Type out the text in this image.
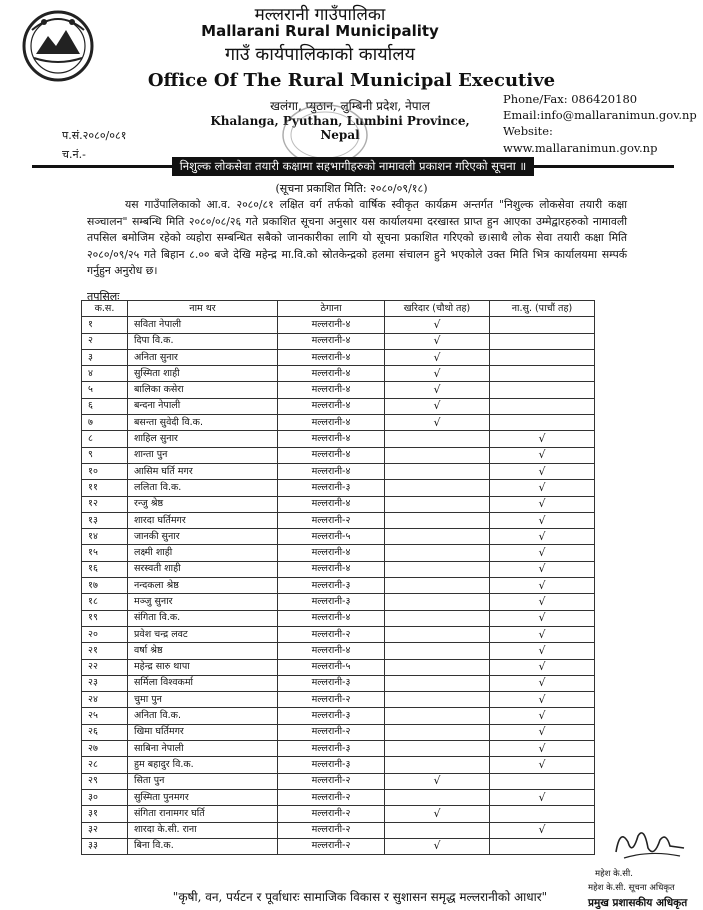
मल्लरानी गाउँपालिका
Mallarani Rural Municipality
गाउँ कार्यपालिकाको कार्यालय
Office Of The Rural Municipal Executive
खलंगा, प्युठान, लुम्बिनी प्रदेश, नेपाल
Khalanga, Pyuthan, Lumbini Province, Nepal
Phone/Fax: 086420180
Email:info@mallaranimun.gov.np
Website:
www.mallaranimun.gov.np
प.सं.२०८०/०८१
च.नं.-
निशुल्क लोकसेवा तयारी कक्षामा सहभागीहरुको नामावली प्रकाशन गरिएको सूचना ॥
(सूचना प्रकाशित मिति: २०८०/०९/१८)

यस गाउँपालिकाको आ.व. २०८०/८१ लक्षित वर्ग तर्फको वार्षिक स्वीकृत कार्यक्रम अन्तर्गत "निशुल्क लोकसेवा तयारी कक्षा सञ्चालन" सम्बन्धि मिति २०८०/०८/२६ गते प्रकाशित सूचना अनुसार यस कार्यालयमा दरखास्त प्राप्त हुन आएका उम्मेद्वारहरुको नामावली तपसिल बमोजिम रहेको व्यहोरा सम्बन्धित सबैको जानकारीका लागि यो सूचना प्रकाशित गरिएको छ।साथै लोक सेवा तयारी कक्षा मिति २०८०/०९/२५ गते बिहान ८.०० बजे देखि महेन्द्र मा.वि.को स्रोतकेन्द्रको हलमा संचालन हुने भएकोले उक्त मिति भित्र कार्यालयमा सम्पर्क गर्नुहुन अनुरोध छ।

तपसिलः
क.स.	नाम थर	ठेगाना	खरिदार (चौथो तह)	ना.सु. (पाचौं तह)
१	सविता नेपाली	मल्लरानी-४	√	
२	दिपा वि.क.	मल्लरानी-४	√	
३	अनिता सुनार	मल्लरानी-४	√	
४	सुस्मिता शाही	मल्लरानी-४	√	
५	बालिका कसेरा	मल्लरानी-४	√	
६	बन्दना नेपाली	मल्लरानी-४	√	
७	बसन्ता सुवेदी वि.क.	मल्लरानी-४	√	
८	शाहिल सुनार	मल्लरानी-४		√
९	शान्ता पुन	मल्लरानी-४		√
१०	आसिम घर्ति मगर	मल्लरानी-४		√
११	ललिता वि.क.	मल्लरानी-३		√
१२	रन्जु श्रेष्ठ	मल्लरानी-४		√
१३	शारदा घर्तिमगर	मल्लरानी-२		√
१४	जानकी सुनार	मल्लरानी-५		√
१५	लक्ष्मी शाही	मल्लरानी-४		√
१६	सरस्वती शाही	मल्लरानी-४		√
१७	नन्दकला श्रेष्ठ	मल्लरानी-३		√
१८	मञ्जु सुनार	मल्लरानी-३		√
१९	संगिता वि.क.	मल्लरानी-४		√
२०	प्रवेश चन्द्र लवट	मल्लरानी-२		√
२१	वर्षा श्रेष्ठ	मल्लरानी-४		√
२२	महेन्द्र सारु थापा	मल्लरानी-५		√
२३	सर्मिला विश्वकर्मा	मल्लरानी-३		√
२४	चुमा पुन	मल्लरानी-२		√
२५	अनिता वि.क.	मल्लरानी-३		√
२६	खिमा घर्तिमगर	मल्लरानी-२		√
२७	साबिना नेपाली	मल्लरानी-३		√
२८	हुम बहादुर वि.क.	मल्लरानी-३		√
२९	सिता पुन	मल्लरानी-२	√	
३०	सुस्मिता पुनमगर	मल्लरानी-२		√
३१	संगिता रानामगर घर्ति	मल्लरानी-२	√	
३२	शारदा के.सी. राना	मल्लरानी-२		√
३३	बिना वि.क.	मल्लरानी-२	√	
"कृषी, वन, पर्यटन र पूर्वाधारः सामाजिक विकास र सुशासन समृद्ध मल्लरानीको आधार"
महेश के.सी.
महेश के.सी. सूचना अधिकृत
प्रमुख प्रशासकीय अधिकृत
